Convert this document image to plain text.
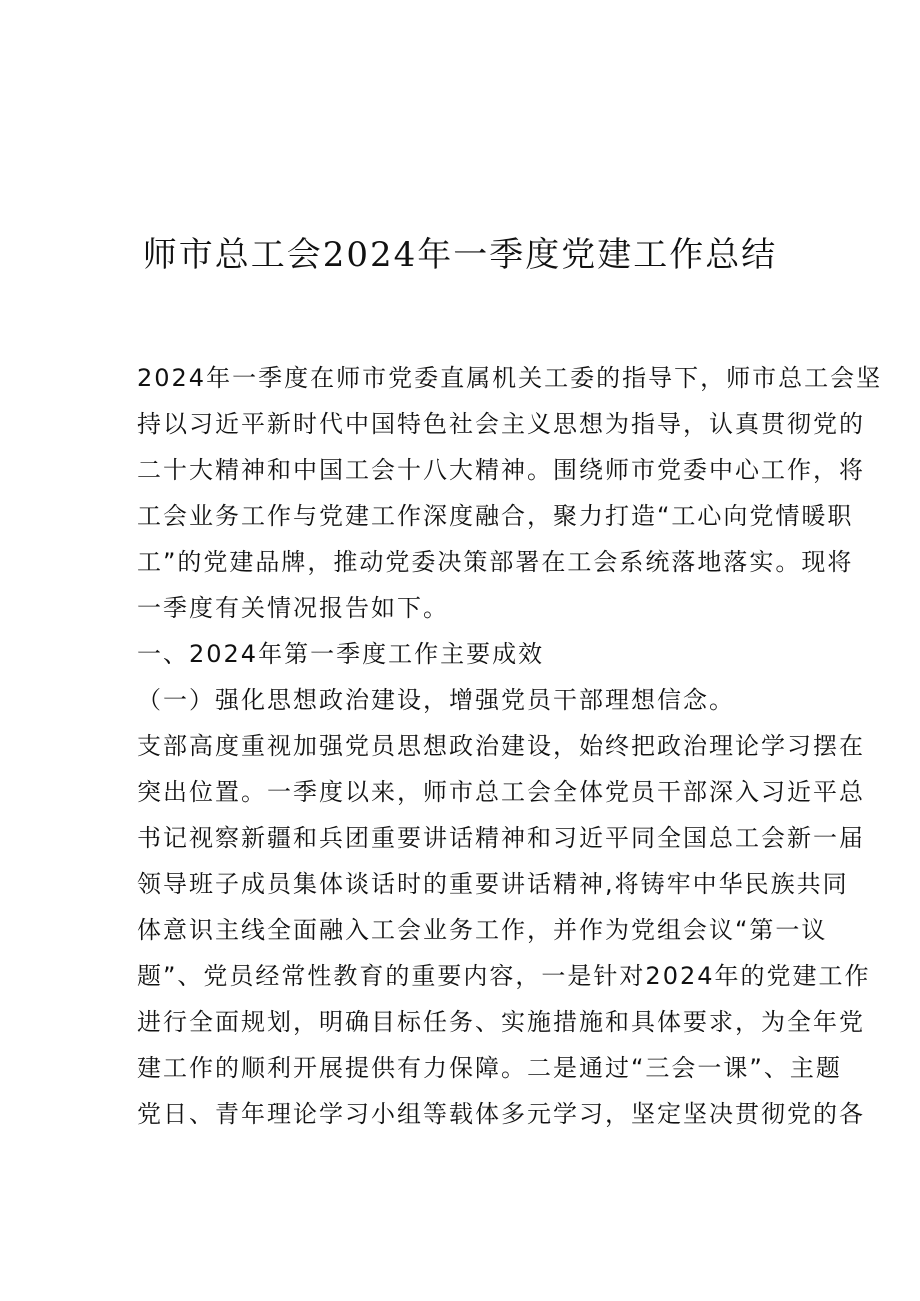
师市总工会2024年一季度党建工作总结
2024年一季度在师市党委直属机关工委的指导下，师市总工会坚
持以习近平新时代中国特色社会主义思想为指导，认真贯彻党的
二十大精神和中国工会十八大精神。围绕师市党委中心工作，将
工会业务工作与党建工作深度融合，聚力打造“工心向党情暖职
工”的党建品牌，推动党委决策部署在工会系统落地落实。现将
一季度有关情况报告如下。
一、2024年第一季度工作主要成效
（一）强化思想政治建设，增强党员干部理想信念。
支部高度重视加强党员思想政治建设，始终把政治理论学习摆在
突出位置。一季度以来，师市总工会全体党员干部深入习近平总
书记视察新疆和兵团重要讲话精神和习近平同全国总工会新一届
领导班子成员集体谈话时的重要讲话精神,将铸牢中华民族共同
体意识主线全面融入工会业务工作，并作为党组会议“第一议
题”、党员经常性教育的重要内容，一是针对2024年的党建工作
进行全面规划，明确目标任务、实施措施和具体要求，为全年党
建工作的顺利开展提供有力保障。二是通过“三会一课”、主题
党日、青年理论学习小组等载体多元学习，坚定坚决贯彻党的各
